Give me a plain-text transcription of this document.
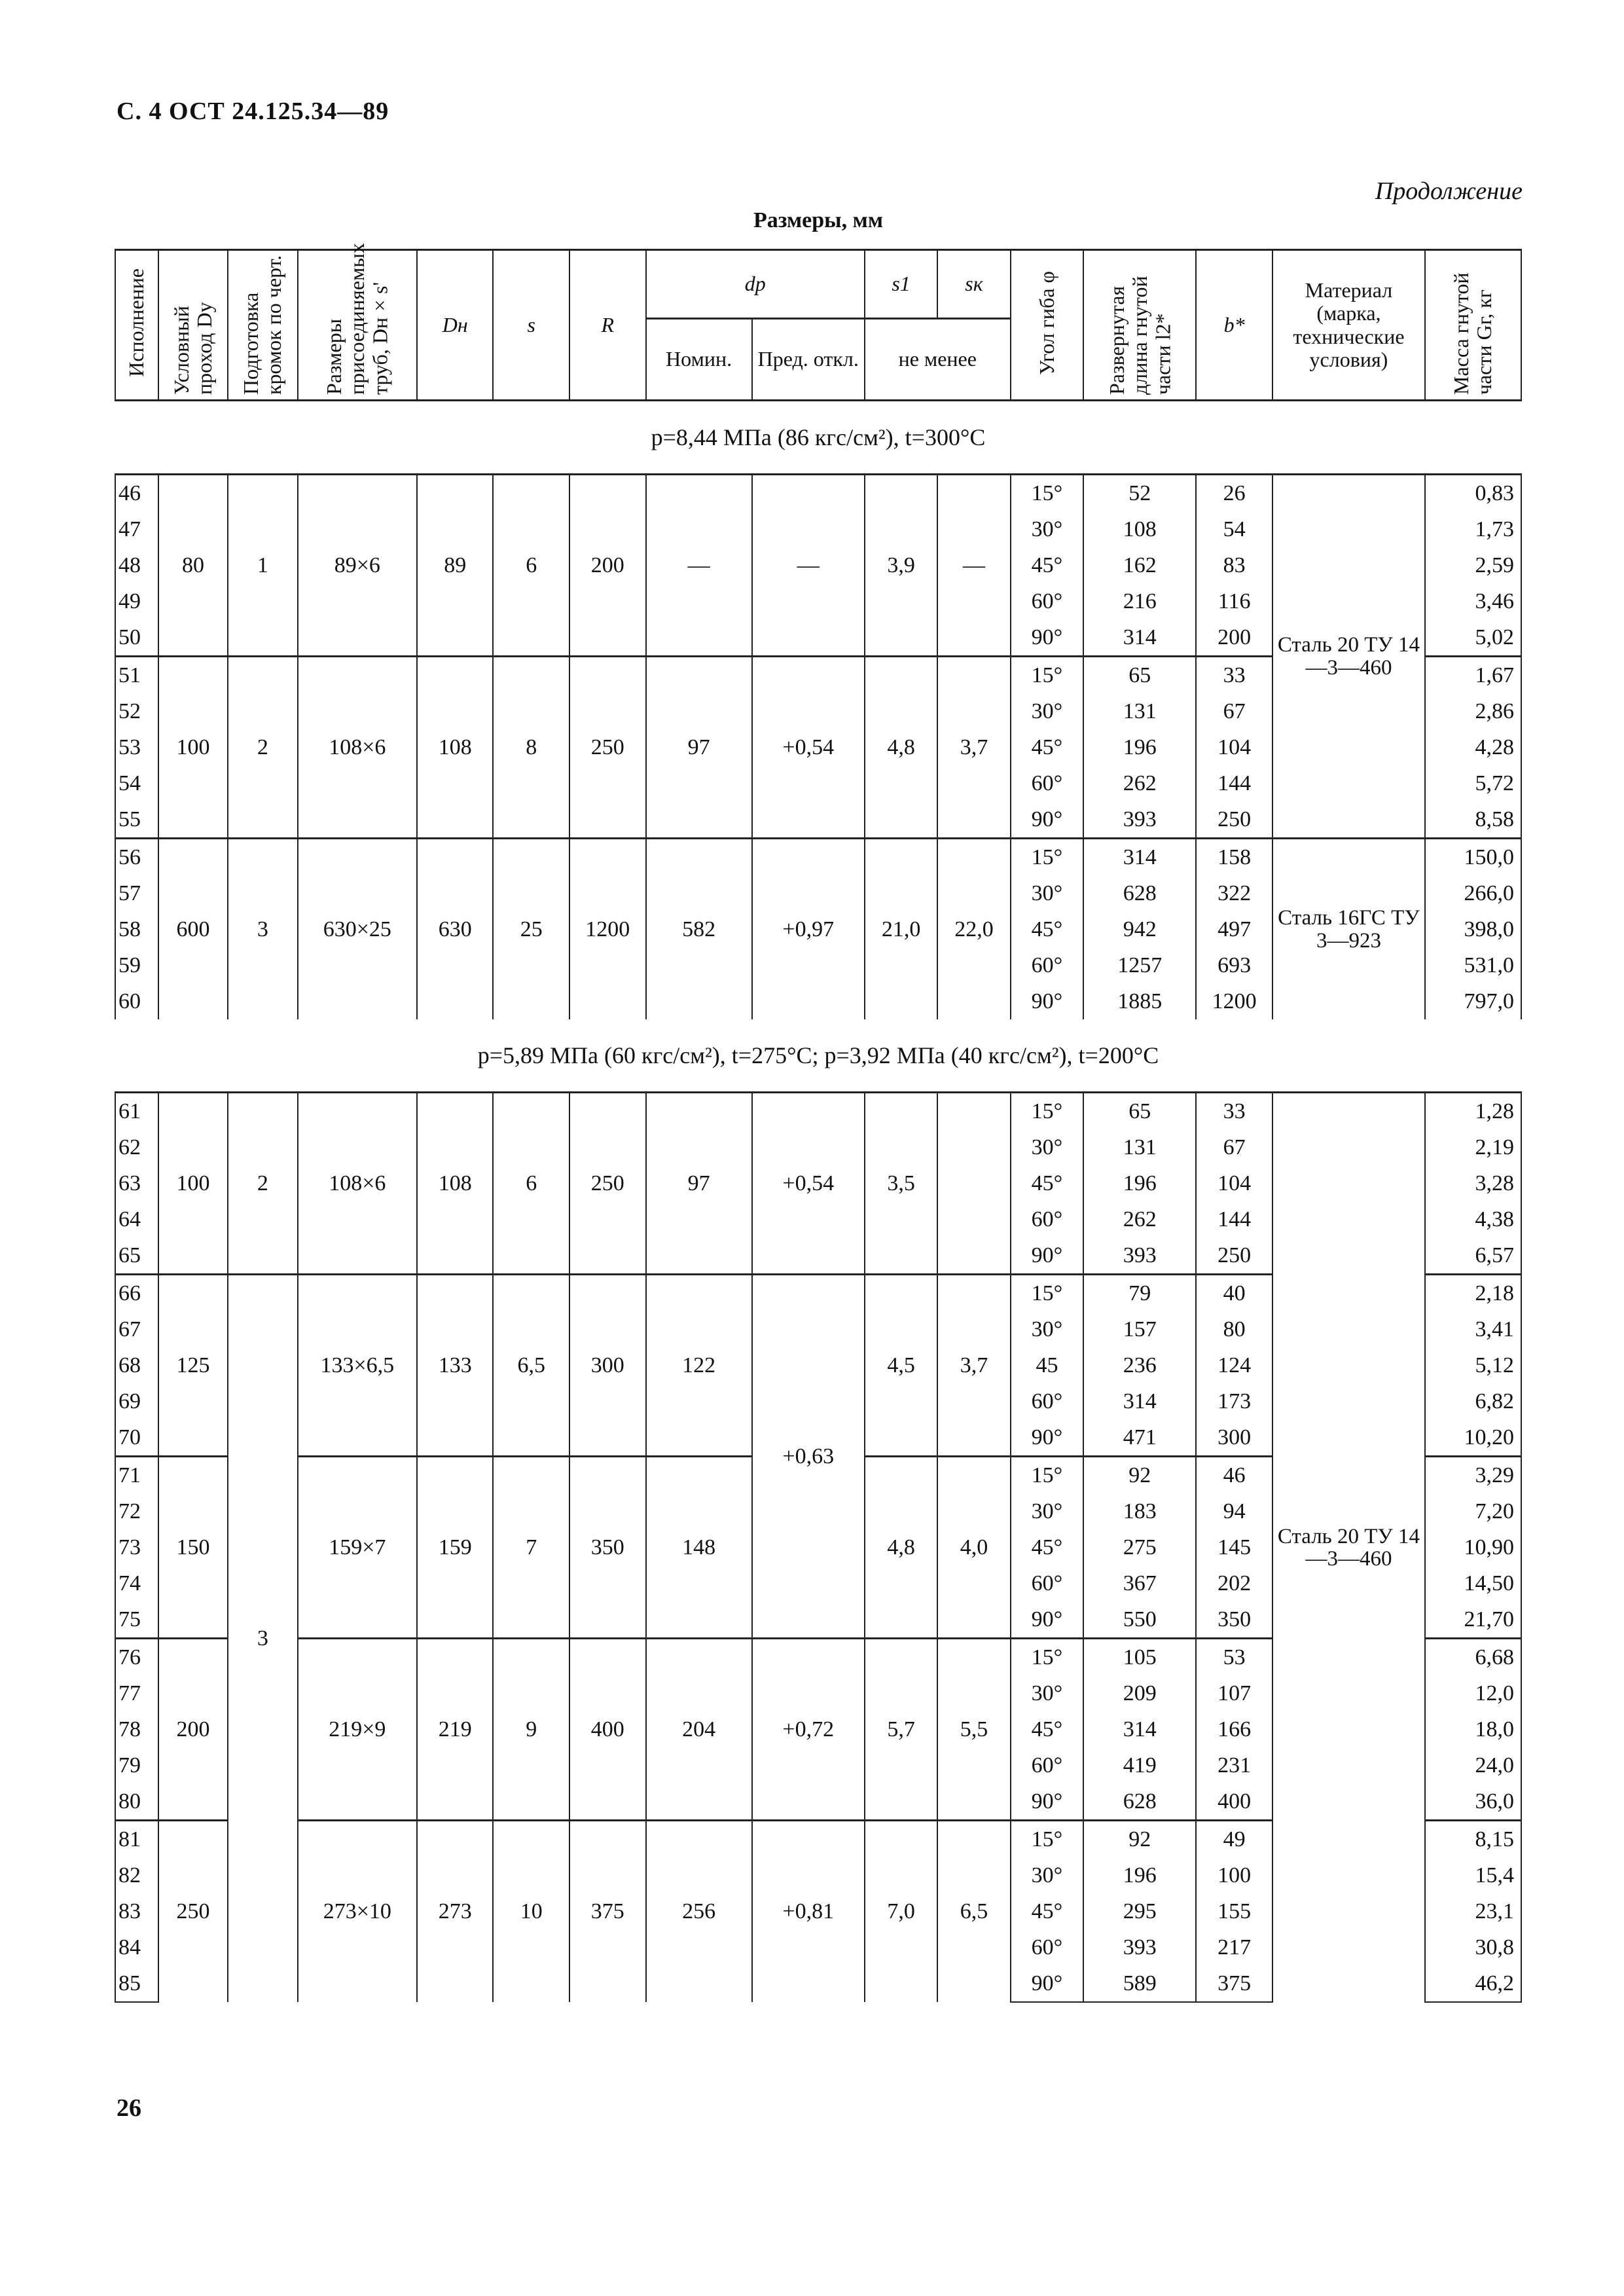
С. 4 ОСТ 24.125.34—89
Продолжение
Размеры, мм
Исполнение	Условный проход Dу	Подготовка кромок по черт.	Размеры присоединяемых труб, Dн×s'	Dн	s	R	dр		s1	sк	Угол гиба φ	Развернутая длина гнутой части l2*	b*	Материал (марка, технические условия)	Масса гнутой части Gг, кг
							Номин.	Пред. откл.	не менее						
p=8,44 МПа (86 кгс/см²), t=300°C															
46	80	1	89×6	89	6	200	—	—	3,9	—	15°	52	26	Сталь 20 ТУ 14—3—460	0,83
47											30°	108	54		1,73
48											45°	162	83		2,59
49											60°	216	116		3,46
50											90°	314	200		5,02
51	100	2	108×6	108	8	250	97	+0,54	4,8	3,7	15°	65	33		1,67
52											30°	131	67		2,86
53											45°	196	104		4,28
54											60°	262	144		5,72
55											90°	393	250		8,58
56	600	3	630×25	630	25	1200	582	+0,97	21,0	22,0	15°	314	158	Сталь 16ГС ТУ 3—923	150,0
57											30°	628	322		266,0
58											45°	942	497		398,0
59											60°	1257	693		531,0
60											90°	1885	1200		797,0
p=5,89 МПа (60 кгс/см²), t=275°C; p=3,92 МПа (40 кгс/см²), t=200°C															
61	100	2	108×6	108	6	250	97	+0,54	3,5		15°	65	33	Сталь 20 ТУ 14—3—460	1,28
62											30°	131	67		2,19
63											45°	196	104		3,28
64											60°	262	144		4,38
65											90°	393	250		6,57
66	125	3	133×6,5	133	6,5	300	122	+0,63	4,5	3,7	15°	79	40		2,18
67											30°	157	80		3,41
68											45	236	124		5,12
69											60°	314	173		6,82
70											90°	471	300		10,20
71	150		159×7	159	7	350	148		4,8	4,0	15°	92	46		3,29
72											30°	183	94		7,20
73											45°	275	145		10,90
74											60°	367	202		14,50
75											90°	550	350		21,70
76	200		219×9	219	9	400	204	+0,72	5,7	5,5	15°	105	53		6,68
77											30°	209	107		12,0
78											45°	314	166		18,0
79											60°	419	231		24,0
80											90°	628	400		36,0
81	250		273×10	273	10	375	256	+0,81	7,0	6,5	15°	92	49		8,15
82											30°	196	100		15,4
83											45°	295	155		23,1
84											60°	393	217		30,8
85											90°	589	375		46,2
26
